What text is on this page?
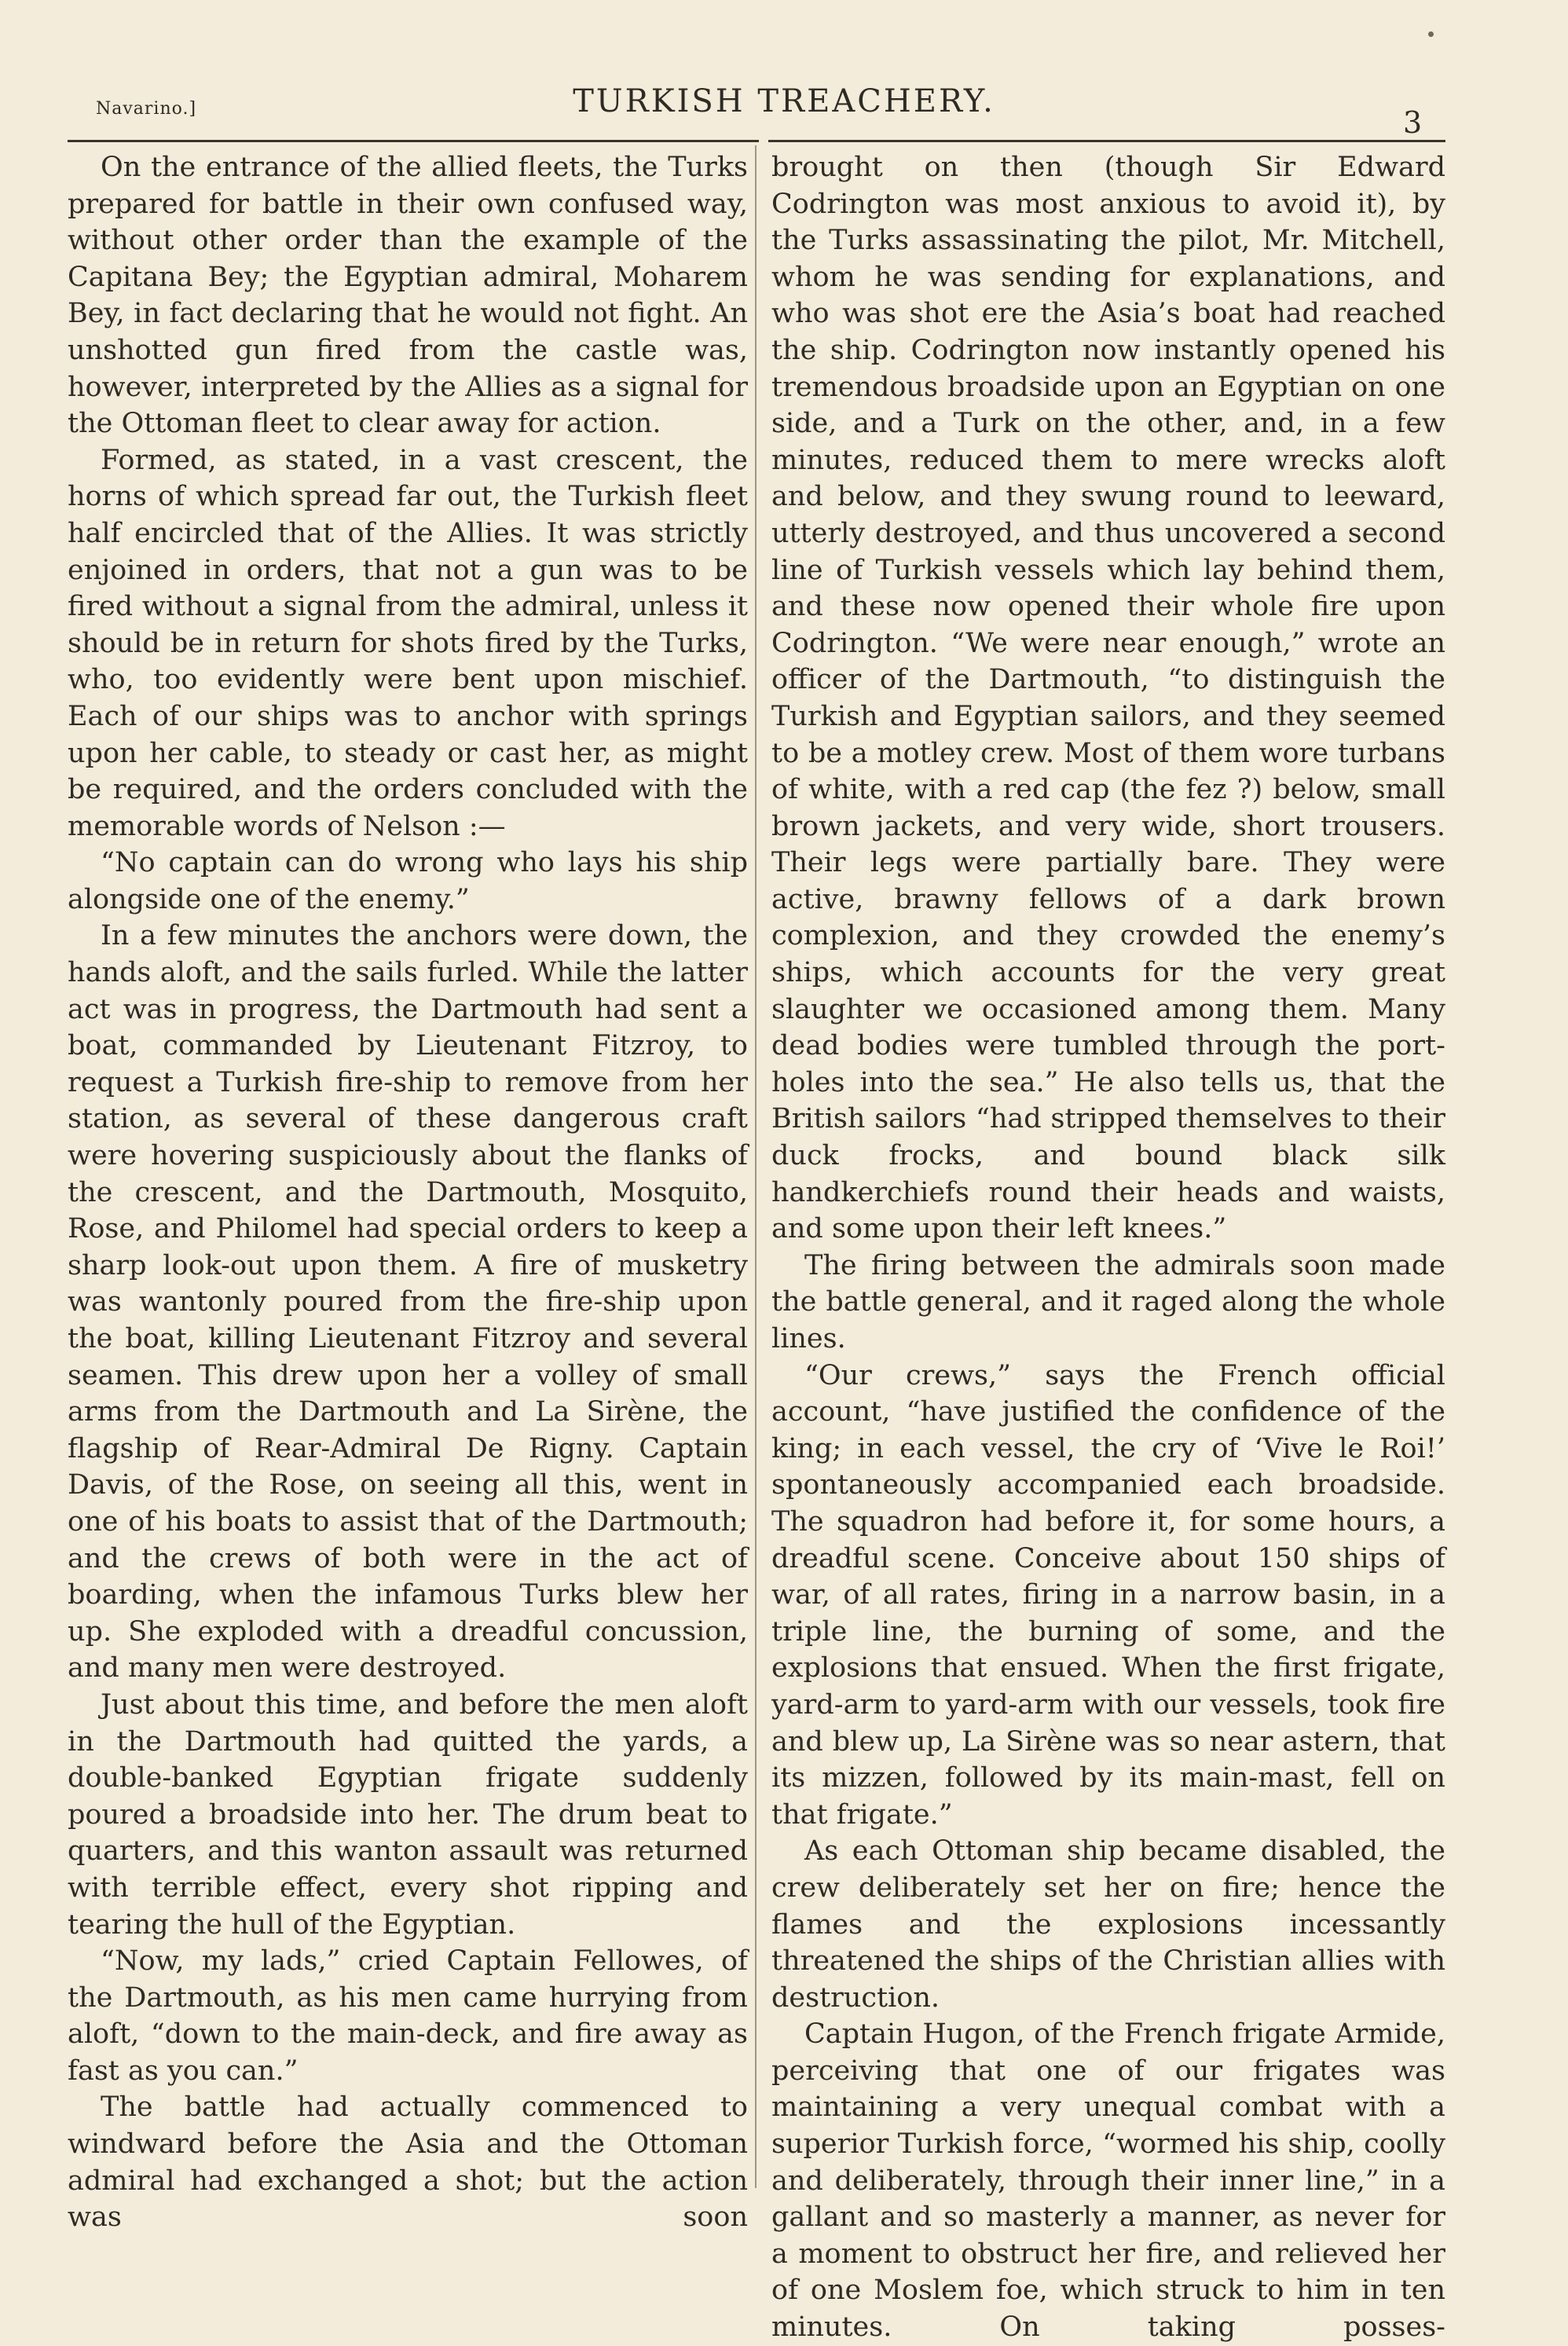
Navarino.]	TURKISH TREACHERY.
3

On the entrance of the allied fleets, the Turks prepared for battle in their own confused way, without other order than the example of the Capitana Bey; the Egyptian admiral, Moharem Bey, in fact declaring that he would not fight. An unshotted gun fired from the castle was, however, interpreted by the Allies as a signal for the Ottoman fleet to clear away for action.

Formed, as stated, in a vast crescent, the horns of which spread far out, the Turkish fleet half encircled that of the Allies. It was strictly enjoined in orders, that not a gun was to be fired without a signal from the admiral, unless it should be in return for shots fired by the Turks, who, too evidently were bent upon mischief. Each of our ships was to anchor with springs upon her cable, to steady or cast her, as might be required, and the orders concluded with the memorable words of Nelson :—

“No captain can do wrong who lays his ship alongside one of the enemy.”

In a few minutes the anchors were down, the hands aloft, and the sails furled. While the latter act was in progress, the Dartmouth had sent a boat, commanded by Lieutenant Fitzroy, to request a Turkish fire-ship to remove from her station, as several of these dangerous craft were hovering suspiciously about the flanks of the crescent, and the Dartmouth, Mosquito, Rose, and Philomel had special orders to keep a sharp look-out upon them. A fire of musketry was wantonly poured from the fire-ship upon the boat, killing Lieutenant Fitzroy and several seamen. This drew upon her a volley of small arms from the Dartmouth and La Sirène, the flagship of Rear-Admiral De Rigny. Captain Davis, of the Rose, on seeing all this, went in one of his boats to assist that of the Dartmouth; and the crews of both were in the act of boarding, when the infamous Turks blew her up. She exploded with a dreadful concussion, and many men were destroyed.

Just about this time, and before the men aloft in the Dartmouth had quitted the yards, a double-banked Egyptian frigate suddenly poured a broadside into her. The drum beat to quarters, and this wanton assault was returned with terrible effect, every shot ripping and tearing the hull of the Egyptian.

“Now, my lads,” cried Captain Fellowes, of the Dartmouth, as his men came hurrying from aloft, “down to the main-deck, and fire away as fast as you can.”

The battle had actually commenced to windward before the Asia and the Ottoman admiral had exchanged a shot; but the action was soon

brought on then (though Sir Edward Codrington was most anxious to avoid it), by the Turks assassinating the pilot, Mr. Mitchell, whom he was sending for explanations, and who was shot ere the Asia’s boat had reached the ship. Codrington now instantly opened his tremendous broadside upon an Egyptian on one side, and a Turk on the other, and, in a few minutes, reduced them to mere wrecks aloft and below, and they swung round to leeward, utterly destroyed, and thus uncovered a second line of Turkish vessels which lay behind them, and these now opened their whole fire upon Codrington. “We were near enough,” wrote an officer of the Dartmouth, “to distinguish the Turkish and Egyptian sailors, and they seemed to be a motley crew. Most of them wore turbans of white, with a red cap (the fez ?) below, small brown jackets, and very wide, short trousers. Their legs were partially bare. They were active, brawny fellows of a dark brown complexion, and they crowded the enemy’s ships, which accounts for the very great slaughter we occasioned among them. Many dead bodies were tumbled through the port-holes into the sea.” He also tells us, that the British sailors “had stripped themselves to their duck frocks, and bound black silk handkerchiefs round their heads and waists, and some upon their left knees.”

The firing between the admirals soon made the battle general, and it raged along the whole lines.

“Our crews,” says the French official account, “have justified the confidence of the king; in each vessel, the cry of ‘Vive le Roi!’ spontaneously accompanied each broadside. The squadron had before it, for some hours, a dreadful scene. Conceive about 150 ships of war, of all rates, firing in a narrow basin, in a triple line, the burning of some, and the explosions that ensued. When the first frigate, yard-arm to yard-arm with our vessels, took fire and blew up, La Sirène was so near astern, that its mizzen, followed by its main-mast, fell on that frigate.”

As each Ottoman ship became disabled, the crew deliberately set her on fire; hence the flames and the explosions incessantly threatened the ships of the Christian allies with destruction.

Captain Hugon, of the French frigate Armide, perceiving that one of our frigates was maintaining a very unequal combat with a superior Turkish force, “wormed his ship, coolly and deliberately, through their inner line,” in a gallant and so masterly a manner, as never for a moment to obstruct her fire, and relieved her of one Moslem foe, which struck to him in ten minutes. On taking posses-
